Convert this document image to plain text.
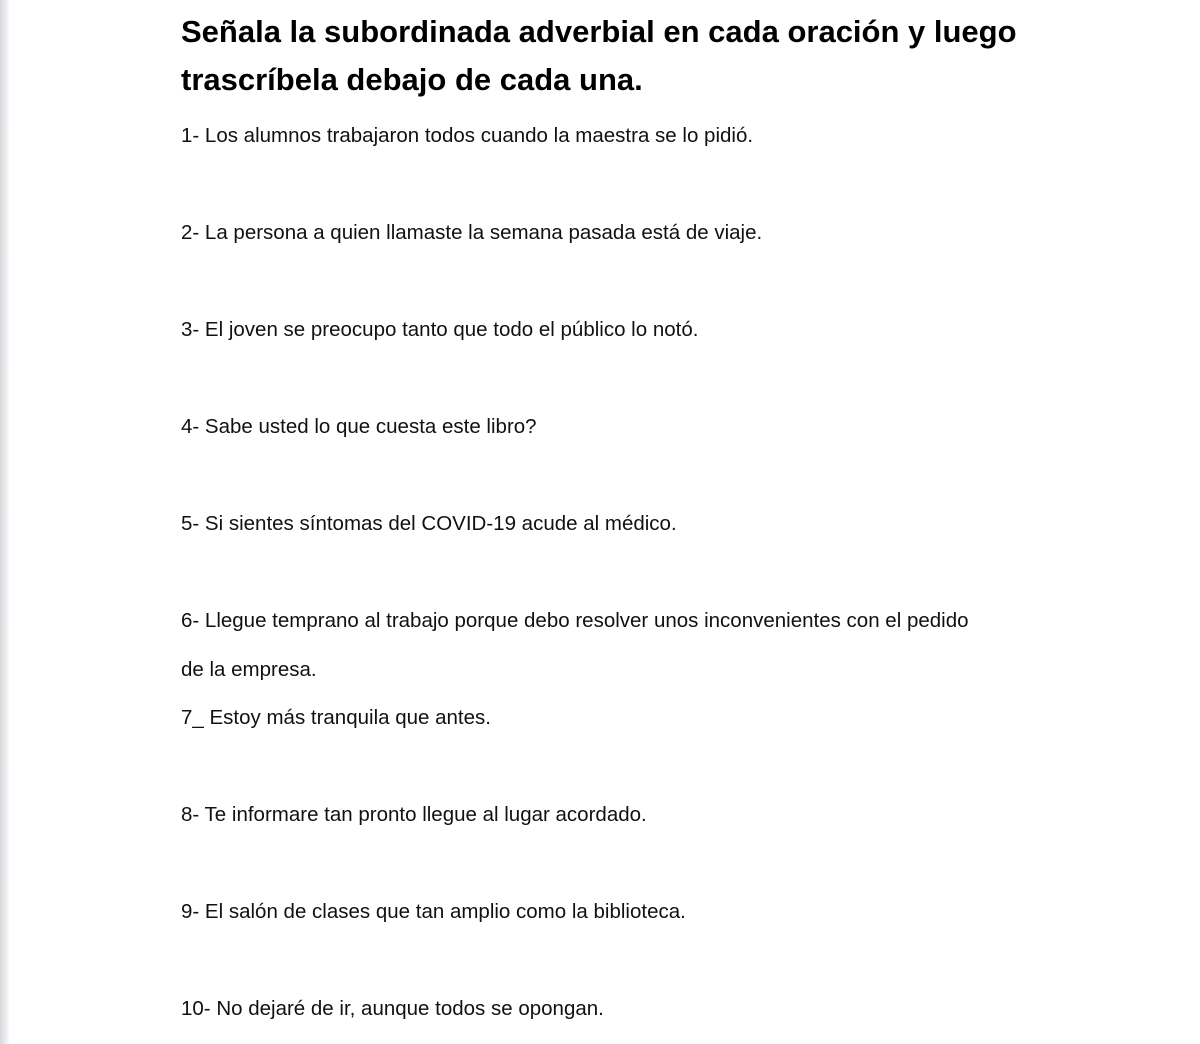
Señala la subordinada adverbial en cada oración y luego
trascríbela debajo de cada una.
1- Los alumnos trabajaron todos cuando la maestra se lo pidió.
2- La persona a quien llamaste la semana pasada está de viaje.
3- El joven se preocupo tanto que todo el público lo notó.
4- Sabe usted lo que cuesta este libro?
5- Si sientes síntomas del COVID-19 acude al médico.
6- Llegue temprano al trabajo porque debo resolver unos inconvenientes con el pedido
de la empresa.
7_ Estoy más tranquila que antes.
8- Te informare tan pronto llegue al lugar acordado.
9- El salón de clases que tan amplio como la biblioteca.
10- No dejaré de ir, aunque todos se opongan.
